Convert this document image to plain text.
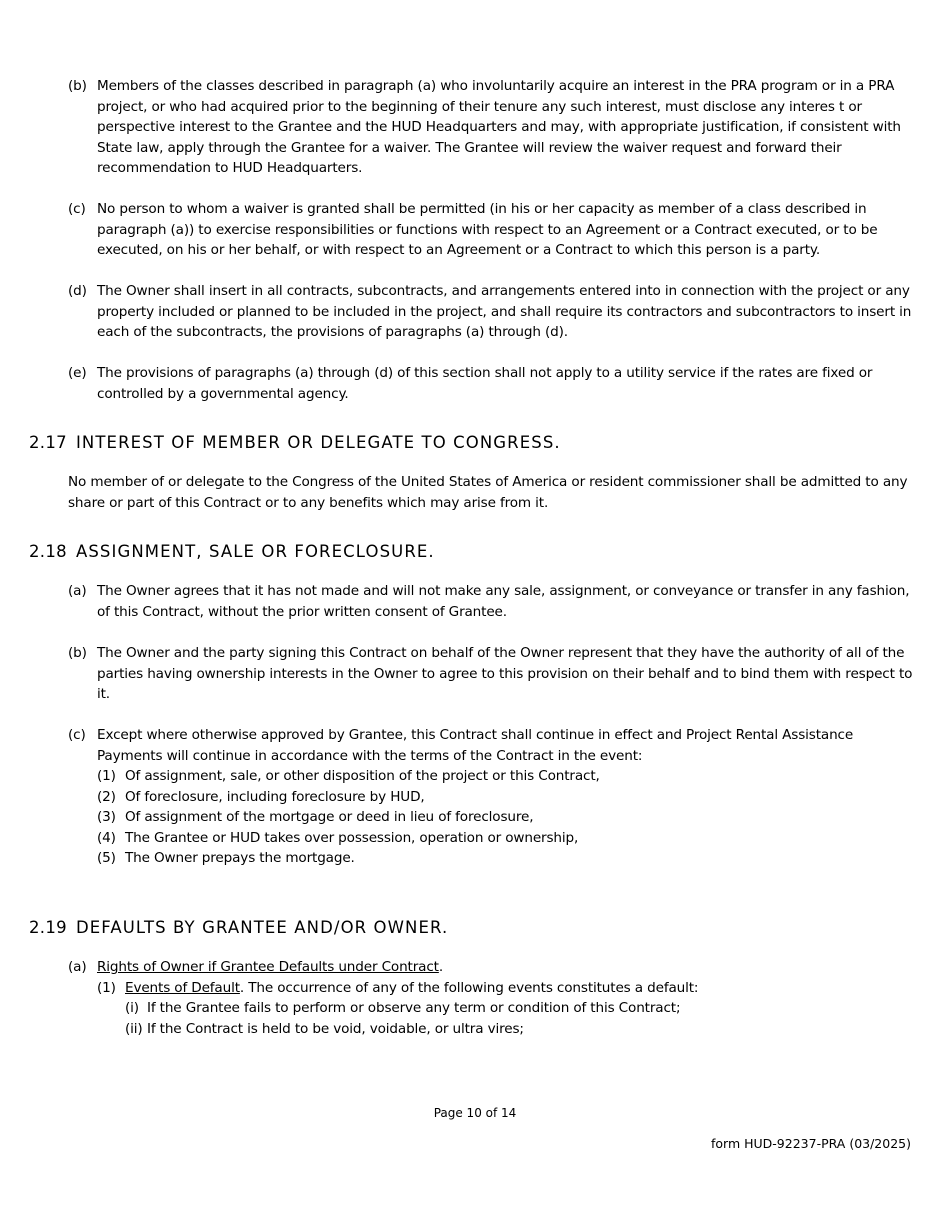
(b) Members of the classes described in paragraph (a) who involuntarily acquire an interest in the PRA program or in a PRA project, or who had acquired prior to the beginning of their tenure any such interest, must disclose any interes t or perspective interest to the Grantee and the HUD Headquarters and may, with appropriate justification, if consistent with State law, apply through the Grantee for a waiver. The Grantee will review the waiver request and forward their recommendation to HUD Headquarters.
(c) No person to whom a waiver is granted shall be permitted (in his or her capacity as member of a class described in paragraph (a)) to exercise responsibilities or functions with respect to an Agreement or a Contract executed, or to be executed, on his or her behalf, or with respect to an Agreement or a Contract to which this person is a party.
(d) The Owner shall insert in all contracts, subcontracts, and arrangements entered into in connection with the project or any property included or planned to be included in the project, and shall require its contractors and subcontractors to insert in each of the subcontracts, the provisions of paragraphs (a) through (d).
(e) The provisions of paragraphs (a) through (d) of this section shall not apply to a utility service if the rates are fixed or controlled by a governmental agency.
2.17 INTEREST OF MEMBER OR DELEGATE TO CONGRESS.
No member of or delegate to the Congress of the United States of America or resident commissioner shall be admitted to any share or part of this Contract or to any benefits which may arise from it.
2.18 ASSIGNMENT, SALE OR FORECLOSURE.
(a) The Owner agrees that it has not made and will not make any sale, assignment, or conveyance or transfer in any fashion, of this Contract, without the prior written consent of Grantee.
(b) The Owner and the party signing this Contract on behalf of the Owner represent that they have the authority of all of the parties having ownership interests in the Owner to agree to this provision on their behalf and to bind them with respect to it.
(c) Except where otherwise approved by Grantee, this Contract shall continue in effect and Project Rental Assistance Payments will continue in accordance with the terms of the Contract in the event:
(1) Of assignment, sale, or other disposition of the project or this Contract,
(2) Of foreclosure, including foreclosure by HUD,
(3) Of assignment of the mortgage or deed in lieu of foreclosure,
(4) The Grantee or HUD takes over possession, operation or ownership,
(5) The Owner prepays the mortgage.
2.19 DEFAULTS BY GRANTEE AND/OR OWNER.
(a) Rights of Owner if Grantee Defaults under Contract.
(1) Events of Default. The occurrence of any of the following events constitutes a default:
(i) If the Grantee fails to perform or observe any term or condition of this Contract;
(ii) If the Contract is held to be void, voidable, or ultra vires;
Page 10 of 14
form HUD-92237-PRA (03/2025)
